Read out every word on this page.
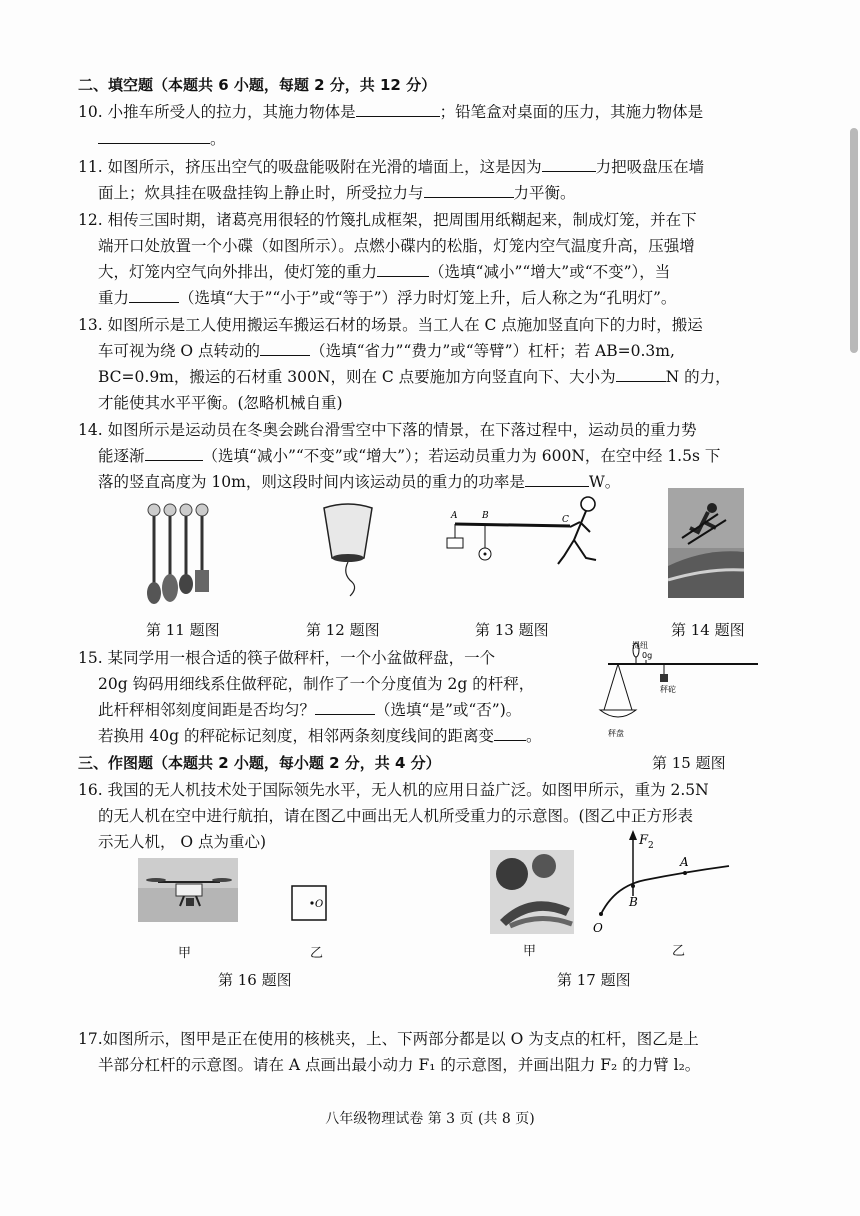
二、填空题（本题共 6 小题，每题 2 分，共 12 分）
10. 小推车所受人的拉力，其施力物体是	；铅笔盒对桌面的压力，其施力物体是
。
11. 如图所示，挤压出空气的吸盘能吸附在光滑的墙面上，这是因为	力把吸盘压在墙
面上；炊具挂在吸盘挂钩上静止时，所受拉力与	力平衡。
12. 相传三国时期，诸葛亮用很轻的竹篾扎成框架，把周围用纸糊起来，制成灯笼，并在下
端开口处放置一个小碟（如图所示）。点燃小碟内的松脂，灯笼内空气温度升高，压强增
大，灯笼内空气向外排出，使灯笼的重力	（选填“减小”“增大”或“不变”），当
重力	（选填“大于”“小于”或“等于”）浮力时灯笼上升，后人称之为“孔明灯”。
13. 如图所示是工人使用搬运车搬运石材的场景。当工人在 C 点施加竖直向下的力时，搬运
车可视为绕 O 点转动的	（选填“省力”“费力”或“等臂”）杠杆；若 AB=0.3m,
BC=0.9m，搬运的石材重 300N，则在 C 点要施加方向竖直向下、大小为	N 的力，
才能使其水平平衡。(忽略机械自重)
14. 如图所示是运动员在冬奥会跳台滑雪空中下落的情景，在下落过程中，运动员的重力势
能逐渐	（选填“减小”“不变”或“增大”）；若运动员重力为 600N，在空中经 1.5s 下
落的竖直高度为 10m，则这段时间内该运动员的重力的功率是	W。
第 11 题图	第 12 题图
A	B	C
第 13 题图	第 14 题图
15. 某同学用一根合适的筷子做秤杆，一个小盆做秤盘，一个
20g 钩码用细线系住做秤砣，制作了一个分度值为 2g 的杆秤，
此杆秤相邻刻度间距是否均匀？	（选填“是”或“否”)。
若换用 40g 的秤砣标记刻度，相邻两条刻度线间的距离变 。
提纽
0g
秤砣
秤盘
三、作图题（本题共 2 小题，每小题 2 分，共 4 分）	第 15 题图
16. 我国的无人机技术处于国际领先水平，无人机的应用日益广泛。如图甲所示，重为 2.5N
的无人机在空中进行航拍，请在图乙中画出无人机所受重力的示意图。(图乙中正方形表
示无人机， O 点为重心)
甲
O
乙
第 16 题图
甲
F 2
O
B
A
乙
第 17 题图
17.如图所示，图甲是正在使用的核桃夹，上、下两部分都是以 O 为支点的杠杆，图乙是上
半部分杠杆的示意图。请在 A 点画出最小动力 F₁ 的示意图，并画出阻力 F₂ 的力臂 l₂。
八年级物理试卷 第 3 页 (共 8 页)
